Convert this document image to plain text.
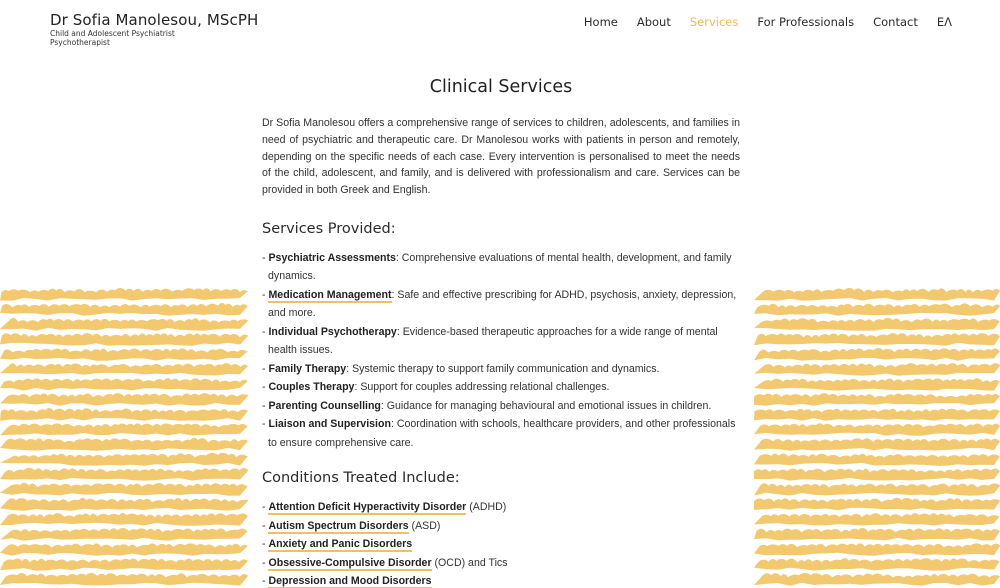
Dr Sofia Manolesou, MScPH
Child and Adolescent Psychiatrist
Psychotherapist
Home About Services For Professionals Contact ΕΛ
Clinical Services

Dr Sofia Manolesou offers a comprehensive range of services to children, adolescents, and families in need of psychiatric and therapeutic care. Dr Manolesou works with patients in person and remotely, depending on the specific needs of each case. Every intervention is personalised to meet the needs of the child, adolescent, and family, and is delivered with professionalism and care. Services can be provided in both Greek and English.

Services Provided:
- Psychiatric Assessments: Comprehensive evaluations of mental health, development, and family dynamics.
- Medication Management: Safe and effective prescribing for ADHD, psychosis, anxiety, depression, and more.
- Individual Psychotherapy: Evidence-based therapeutic approaches for a wide range of mental health issues.
- Family Therapy: Systemic therapy to support family communication and dynamics.
- Couples Therapy: Support for couples addressing relational challenges.
- Parenting Counselling: Guidance for managing behavioural and emotional issues in children.
- Liaison and Supervision: Coordination with schools, healthcare providers, and other professionals to ensure comprehensive care.
Conditions Treated Include:
- Attention Deficit Hyperactivity Disorder (ADHD)
- Autism Spectrum Disorders (ASD)
- Anxiety and Panic Disorders
- Obsessive-Compulsive Disorder (OCD) and Tics
- Depression and Mood Disorders
